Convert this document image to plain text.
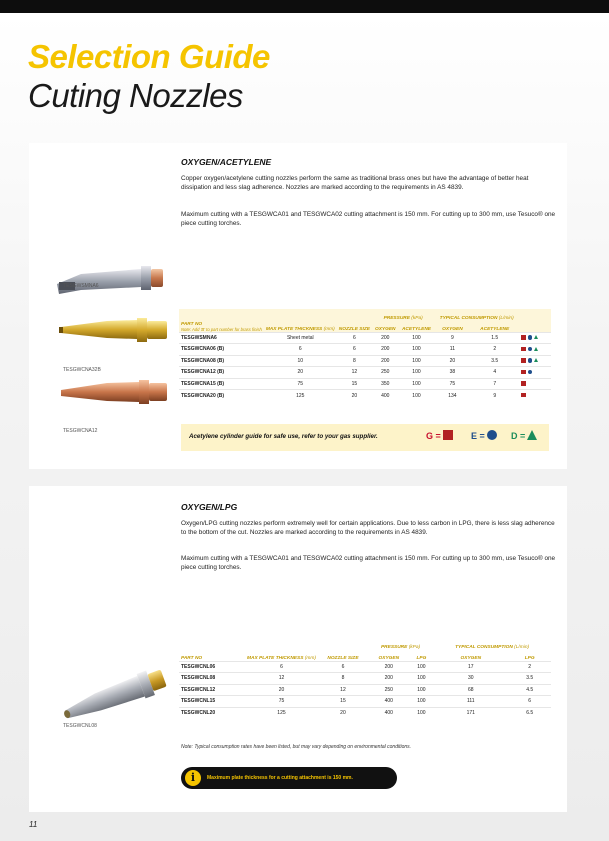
Selection Guide
Cuting Nozzles
OXYGEN/ACETYLENE
Copper oxygen/acetylene cutting nozzles perform the same as traditional brass ones but have the advantage of better heat dissipation and less slag adherence. Nozzles are marked according to the requirements in AS 4839.
Maximum cutting with a TESGWCA01 and TESGWCA02 cutting attachment is 150 mm. For cutting up to 300 mm, use Tesuco® one piece cutting torches.
TESGWSMNA6
TESGWCNA32B
TESGWCNA12
PART NO
Note: Add 'B' to part number for brass finish	MAX PLATE THICKNESS (mm)	NOZZLE SIZE	PRESSURE (kPa)		TYPICAL CONSUMPTION (L/min)		
			OXYGEN	ACETYLENE	OXYGEN	ACETYLENE	
TESGWSMNA6	Sheet metal	6	200	100	9	1.5	
TESGWCNA06 (B)	6	6	200	100	11	2	
TESGWCNA08 (B)	10	8	200	100	20	3.5	
TESGWCNA12 (B)	20	12	250	100	38	4	
TESGWCNA15 (B)	75	15	350	100	75	7	
TESGWCNA20 (B)	125	20	400	100	134	9	
Acetylene cylinder guide for safe use, refer to your gas supplier.	G =	E =	D =
OXYGEN/LPG
Oxygen/LPG cutting nozzles perform extremely well for certain applications. Due to less carbon in LPG, there is less slag adherence to the bottom of the cut. Nozzles are marked according to the requirements in AS 4839.
Maximum cutting with a TESGWCA01 and TESGWCA02 cutting attachment is 150 mm. For cutting up to 300 mm, use Tesuco® one piece cutting torches.
TESGWCNL08
PART NO	MAX PLATE THICKNESS (mm)	NOZZLE SIZE	PRESSURE (kPa)		TYPICAL CONSUMPTION (L/min)	
			OXYGEN	LPG	OXYGEN	LPG
TESGWCNL06	6	6	200	100	17	2
TESGWCNL08	12	8	200	100	30	3.5
TESGWCNL12	20	12	250	100	68	4.5
TESGWCNL15	75	15	400	100	111	6
TESGWCNL20	125	20	400	100	171	6.5
Note: Typical consumption rates have been listed, but may vary depending on environmental conditions.
i	Maximum plate thickness for a cutting attachment is 150 mm.
11
